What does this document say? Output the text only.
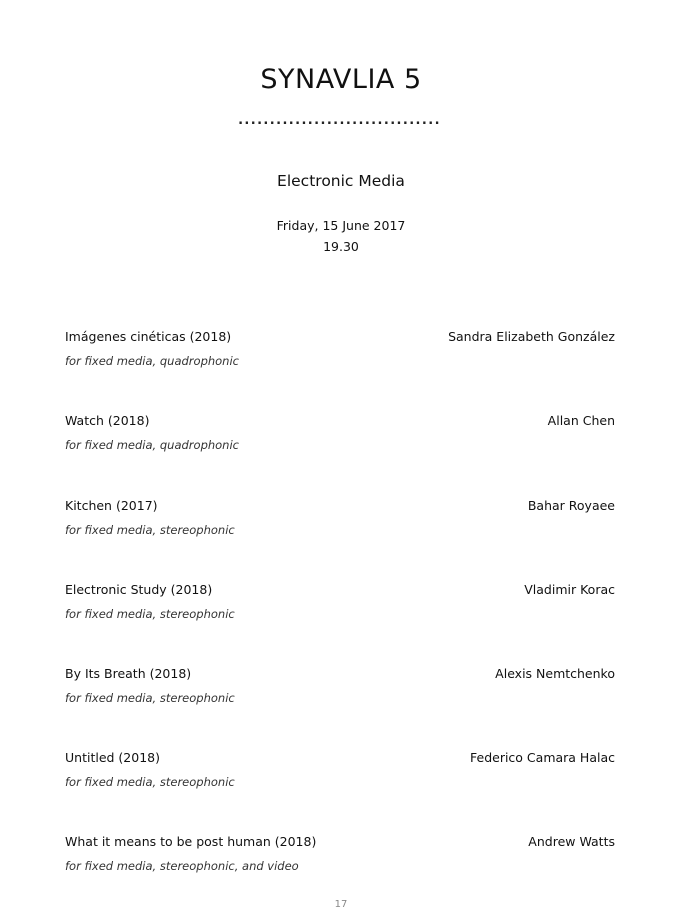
SYNAVLIA 5
................................
Electronic Media
Friday, 15 June 2017
19.30
Imágenes cinéticas (2018)	Sandra Elizabeth González
for fixed media, quadrophonic
Watch (2018)	Allan Chen
for fixed media, quadrophonic
Kitchen (2017)	Bahar Royaee
for fixed media, stereophonic
Electronic Study (2018)	Vladimir Korac
for fixed media, stereophonic
By Its Breath (2018)	Alexis Nemtchenko
for fixed media, stereophonic
Untitled (2018)	Federico Camara Halac
for fixed media, stereophonic
What it means to be post human (2018)	Andrew Watts
for fixed media, stereophonic, and video
17
